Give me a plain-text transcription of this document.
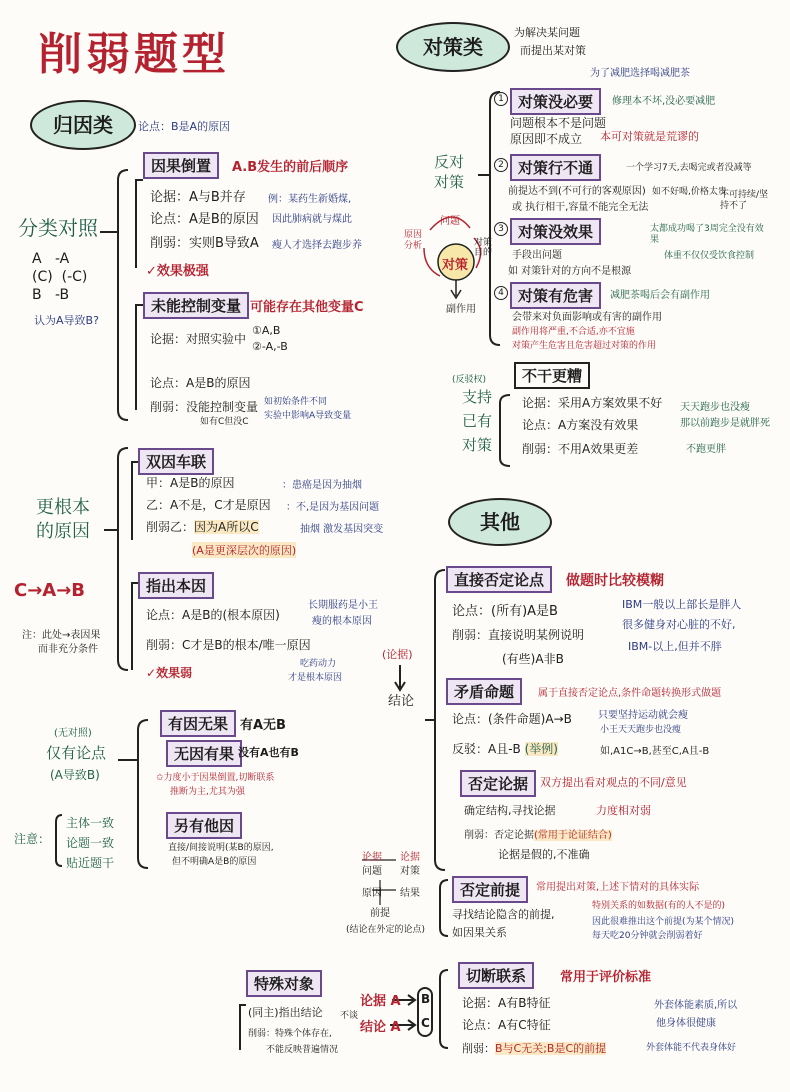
削弱题型
归因类	论点：B是A的原因
分类对照
A -A
(C) (-C)
B -B
认为A导致B?
因果倒置	A.B发生的前后顺序
论据：A与B并存 例：某药生新婚煤,
论点：A是B的原因 因此肺病就与煤此
削弱：实则B导致A 瘦人才选择去跑步养
✓效果极强
未能控制变量 可能存在其他变量C
论据：对照实验中
①A,B
②-A,-B
论点：A是B的原因
削弱：没能控制变量
如有C但没C
如初始条件不同
实验中影响A导致变量
更根本的原因
C→A→B
注：此处→表因果
而非充分条件
双因车联
甲：A是B的原因	：患癌是因为抽烟
乙：A不是，C才是原因 ：不,是因为基因问题
削弱乙：因为A所以C	抽烟 激发基因突变
(A是更深层次的原因)
指出本因
论点：A是B的(根本原因)
长期服药是小王
瘦的根本原因
削弱：C才是B的根本/唯一原因
吃药动力
才是根本原因
✓效果弱
(无对照)
仅有论点
(A导致B)
有因无果 有A无B
无因有果 没有A也有B
✩力度小于因果倒置,切断联系
推断为主,尤其为强
另有他因
直接/间接说明(某B的原因,
但不明确A是B的原因
注意：
主体一致
论题一致
贴近题干
对策类
为解决某问题
而提出某对策
为了减肥选择喝减肥茶
反对对策
问题
原因分析
对策
对策目的
副作用
1 对策没必要	修理本不坏,没必要减肥
问题根本不是问题
原因即不成立 本可对策就是荒谬的
2 对策行不通	一个学习7天,去喝完或者没减等
前提达不到(不可行的客观原因) 如不好喝,价格太贵
或 执行相干,容量不能完全无法
不可持续/坚持不了
3 对策没效果	太都成功喝了3周完全没有效果
手段出问题
如 对策针对的方向不是根源
体重不仅仅受饮食控制
4 对策有危害	减肥茶喝后会有副作用
会带来对负面影响或有害的副作用
副作用将严重,不合适,亦不宜施
对策产生危害且危害超过对策的作用
(反驳权)
支持
已有
对策
不干更糟
论据：采用A方案效果不好
论点：A方案没有效果
削弱：不用A效果更差
天天跑步也没瘦
那以前跑步是就胖死
不跑更胖
其他
(论据)
结论
直接否定论点	做题时比较模糊
论点：(所有)A是B
削弱：直接说明某例说明
(有些)A非B
IBM一般以上部长是胖人
很多健身对心脏的不好,
IBM-以上,但并不胖
矛盾命题	属于直接否定论点,条件命题转换形式做题
论点：(条件命题)A→B	只要坚持运动就会瘦
小王天天跑步也没瘦
反驳：A且-B (举例)	如,A1C→B,甚至C,A且-B
否定论据	双方提出看对观点的不同/意见
确定结构,寻找论据	力度相对弱
削弱：否定论据(常用于论证结合)
论据是假的,不准确
论据
问题
原因
前提
论据
对策
结果
(结论在外定的论点)
否定前提	常用提出对策,上述下情对的具体实际
寻找结论隐含的前提,
如因果关系
特别关系的如数据(有的人不是的)
因此很难推出这个前提(为某个情况)
每天吃20分钟就会削弱着好
特殊对象
(同主)指出结论 不谈
削弱：特殊个体存在,
不能反映普遍情况
论据 A
结论 A
B
C
切断联系	常用于评价标准
论据：A有B特征	外套体能素质,所以
论点：A有C特征	他身体很健康
削弱：B与C无关;B是C的前提	外套体能不代表身体好
